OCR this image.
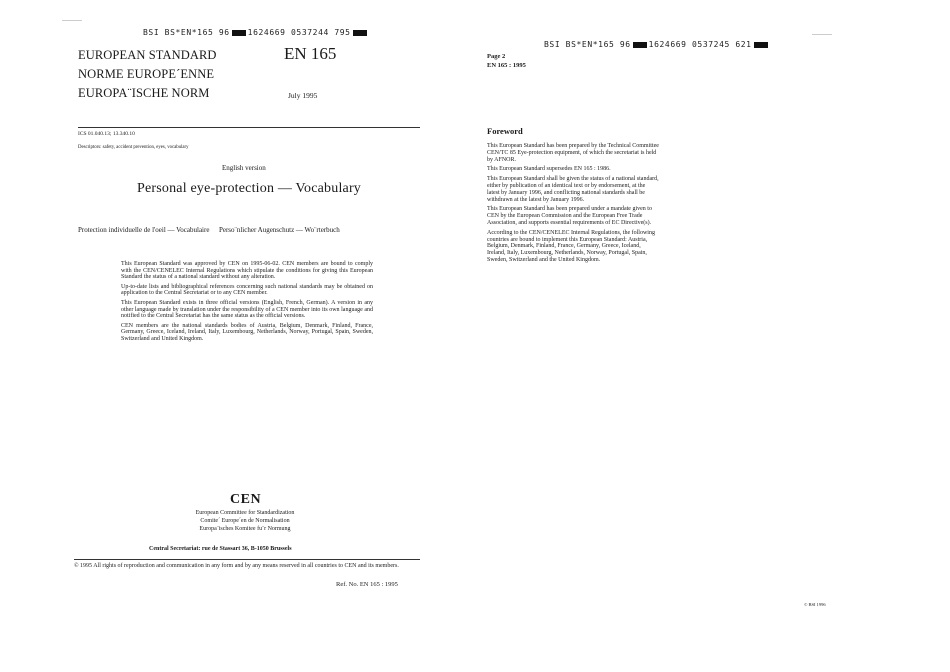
BSI BS*EN*165 96 1624669 0537244 795
EUROPEAN STANDARD
NORME EUROPE´ENNE
EUROPA¨ISCHE NORM
EN 165
July 1995
ICS 01.040.13; 13.340.10
Descriptors: safety, accident prevention, eyes, vocabulary
English version
Personal eye-protection — Vocabulary
Protection individuelle de l'oeil — Vocabulaire Perso¨nlicher Augenschutz — Wo¨rterbuch

This European Standard was approved by CEN on 1995-06-02. CEN members are bound to comply with the CEN/CENELEC Internal Regulations which stipulate the conditions for giving this European Standard the status of a national standard without any alteration.

Up-to-date lists and bibliographical references concerning such national standards may be obtained on application to the Central Secretariat or to any CEN member.

This European Standard exists in three official versions (English, French, German). A version in any other language made by translation under the responsibility of a CEN member into its own language and notified to the Central Secretariat has the same status as the official versions.

CEN members are the national standards bodies of Austria, Belgium, Denmark, Finland, France, Germany, Greece, Iceland, Ireland, Italy, Luxembourg, Netherlands, Norway, Portugal, Spain, Sweden, Switzerland and United Kingdom.

CEN
European Committee for Standardization
Comite´ Europe´en de Normalisation
Europa¨isches Komitee fu¨r Normung
Central Secretariat: rue de Stassart 36, B-1050 Brussels
© 1995 All rights of reproduction and communication in any form and by any means reserved in all countries to CEN and its members.
Ref. No. EN 165 : 1995
BSI BS*EN*165 96 1624669 0537245 621
Page 2
EN 165 : 1995
Foreword

This European Standard has been prepared by the Technical Committee CEN/TC 85 Eye-protection equipment, of which the secretariat is held by AFNOR.

This European Standard supersedes EN 165 : 1986.

This European Standard shall be given the status of a national standard, either by publication of an identical text or by endorsement, at the latest by January 1996, and conflicting national standards shall be withdrawn at the latest by January 1996.

This European Standard has been prepared under a mandate given to CEN by the European Commission and the European Free Trade Association, and supports essential requirements of EC Directive(s).

According to the CEN/CENELEC Internal Regulations, the following countries are bound to implement this European Standard: Austria, Belgium, Denmark, Finland, France, Germany, Greece, Iceland, Ireland, Italy, Luxembourg, Netherlands, Norway, Portugal, Spain, Sweden, Switzerland and the United Kingdom.

© BSI 1996
